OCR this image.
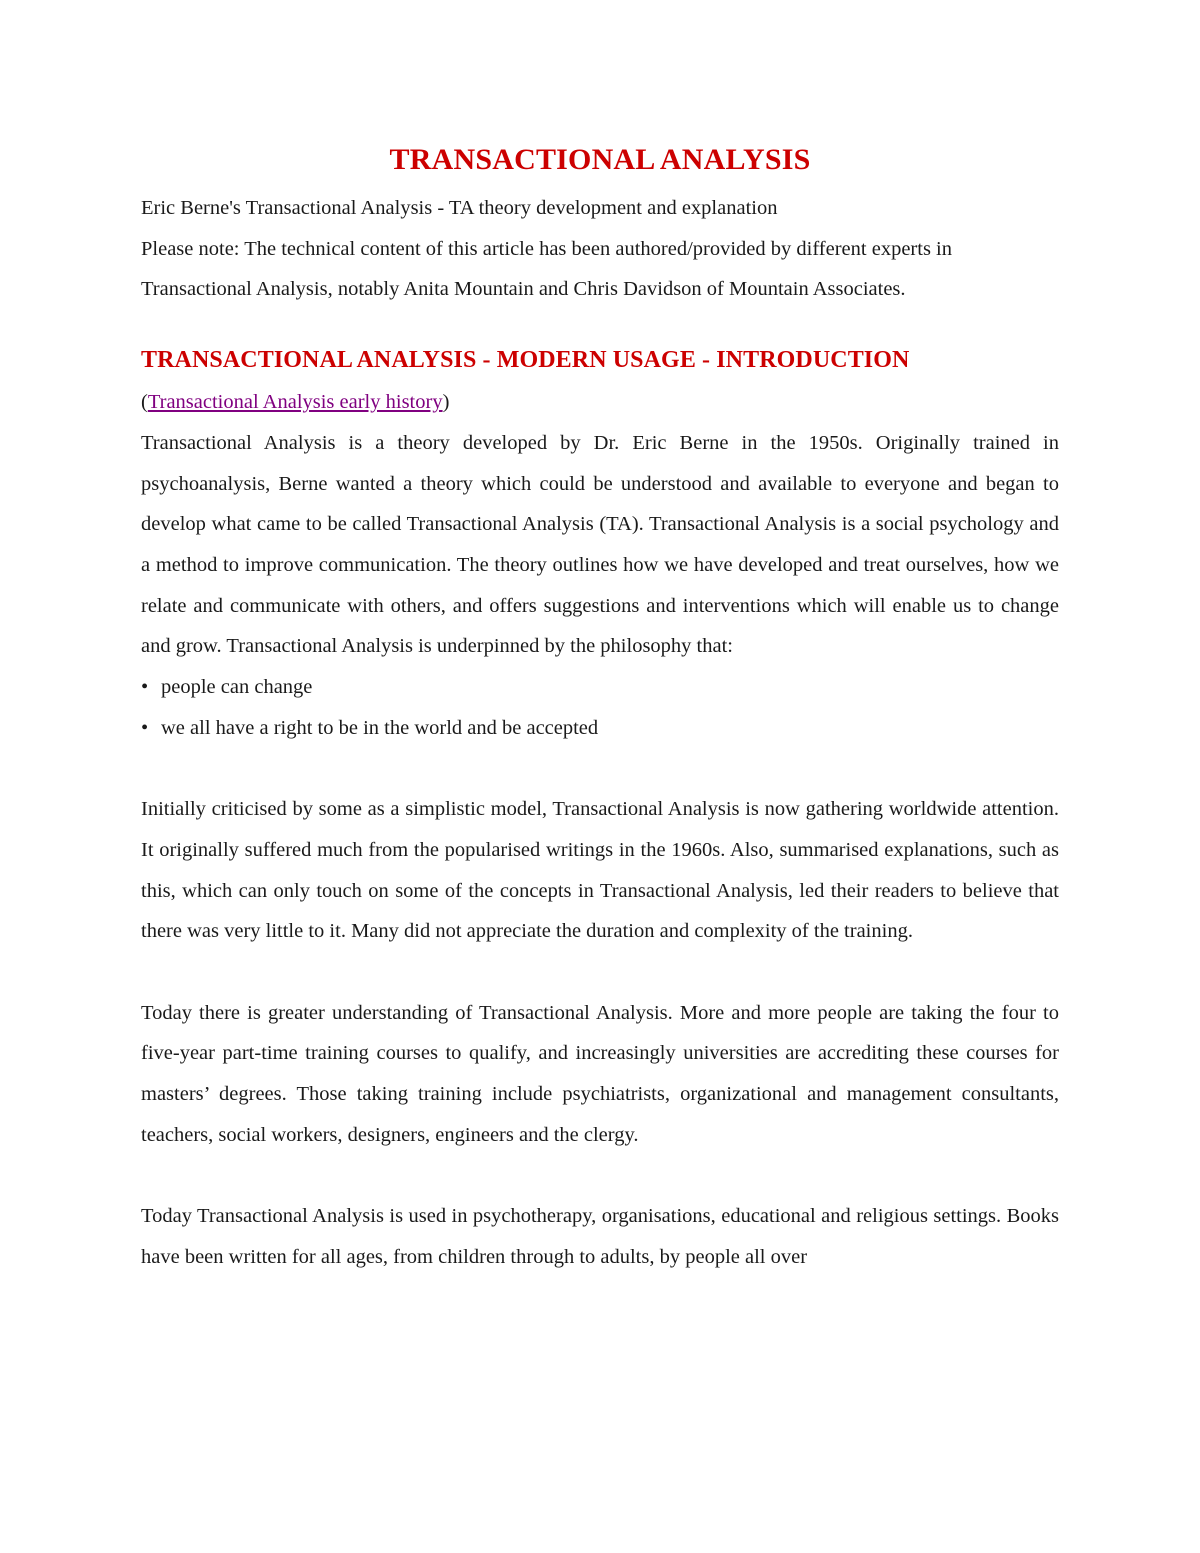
TRANSACTIONAL ANALYSIS

Eric Berne's Transactional Analysis - TA theory development and explanation

Please note: The technical content of this article has been authored/provided by different experts in Transactional Analysis, notably Anita Mountain and Chris Davidson of Mountain Associates.

TRANSACTIONAL ANALYSIS - MODERN USAGE - INTRODUCTION

(Transactional Analysis early history)

Transactional Analysis is a theory developed by Dr. Eric Berne in the 1950s. Originally trained in psychoanalysis, Berne wanted a theory which could be understood and available to everyone and began to develop what came to be called Transactional Analysis (TA). Transactional Analysis is a social psychology and a method to improve communication. The theory outlines how we have developed and treat ourselves, how we relate and communicate with others, and offers suggestions and interventions which will enable us to change and grow. Transactional Analysis is underpinned by the philosophy that:

• people can change
• we all have a right to be in the world and be accepted

Initially criticised by some as a simplistic model, Transactional Analysis is now gathering worldwide attention. It originally suffered much from the popularised writings in the 1960s. Also, summarised explanations, such as this, which can only touch on some of the concepts in Transactional Analysis, led their readers to believe that there was very little to it. Many did not appreciate the duration and complexity of the training.

Today there is greater understanding of Transactional Analysis. More and more people are taking the four to five-year part-time training courses to qualify, and increasingly universities are accrediting these courses for masters’ degrees. Those taking training include psychiatrists, organizational and management consultants, teachers, social workers, designers, engineers and the clergy.

Today Transactional Analysis is used in psychotherapy, organisations, educational and religious settings. Books have been written for all ages, from children through to adults, by people all over
